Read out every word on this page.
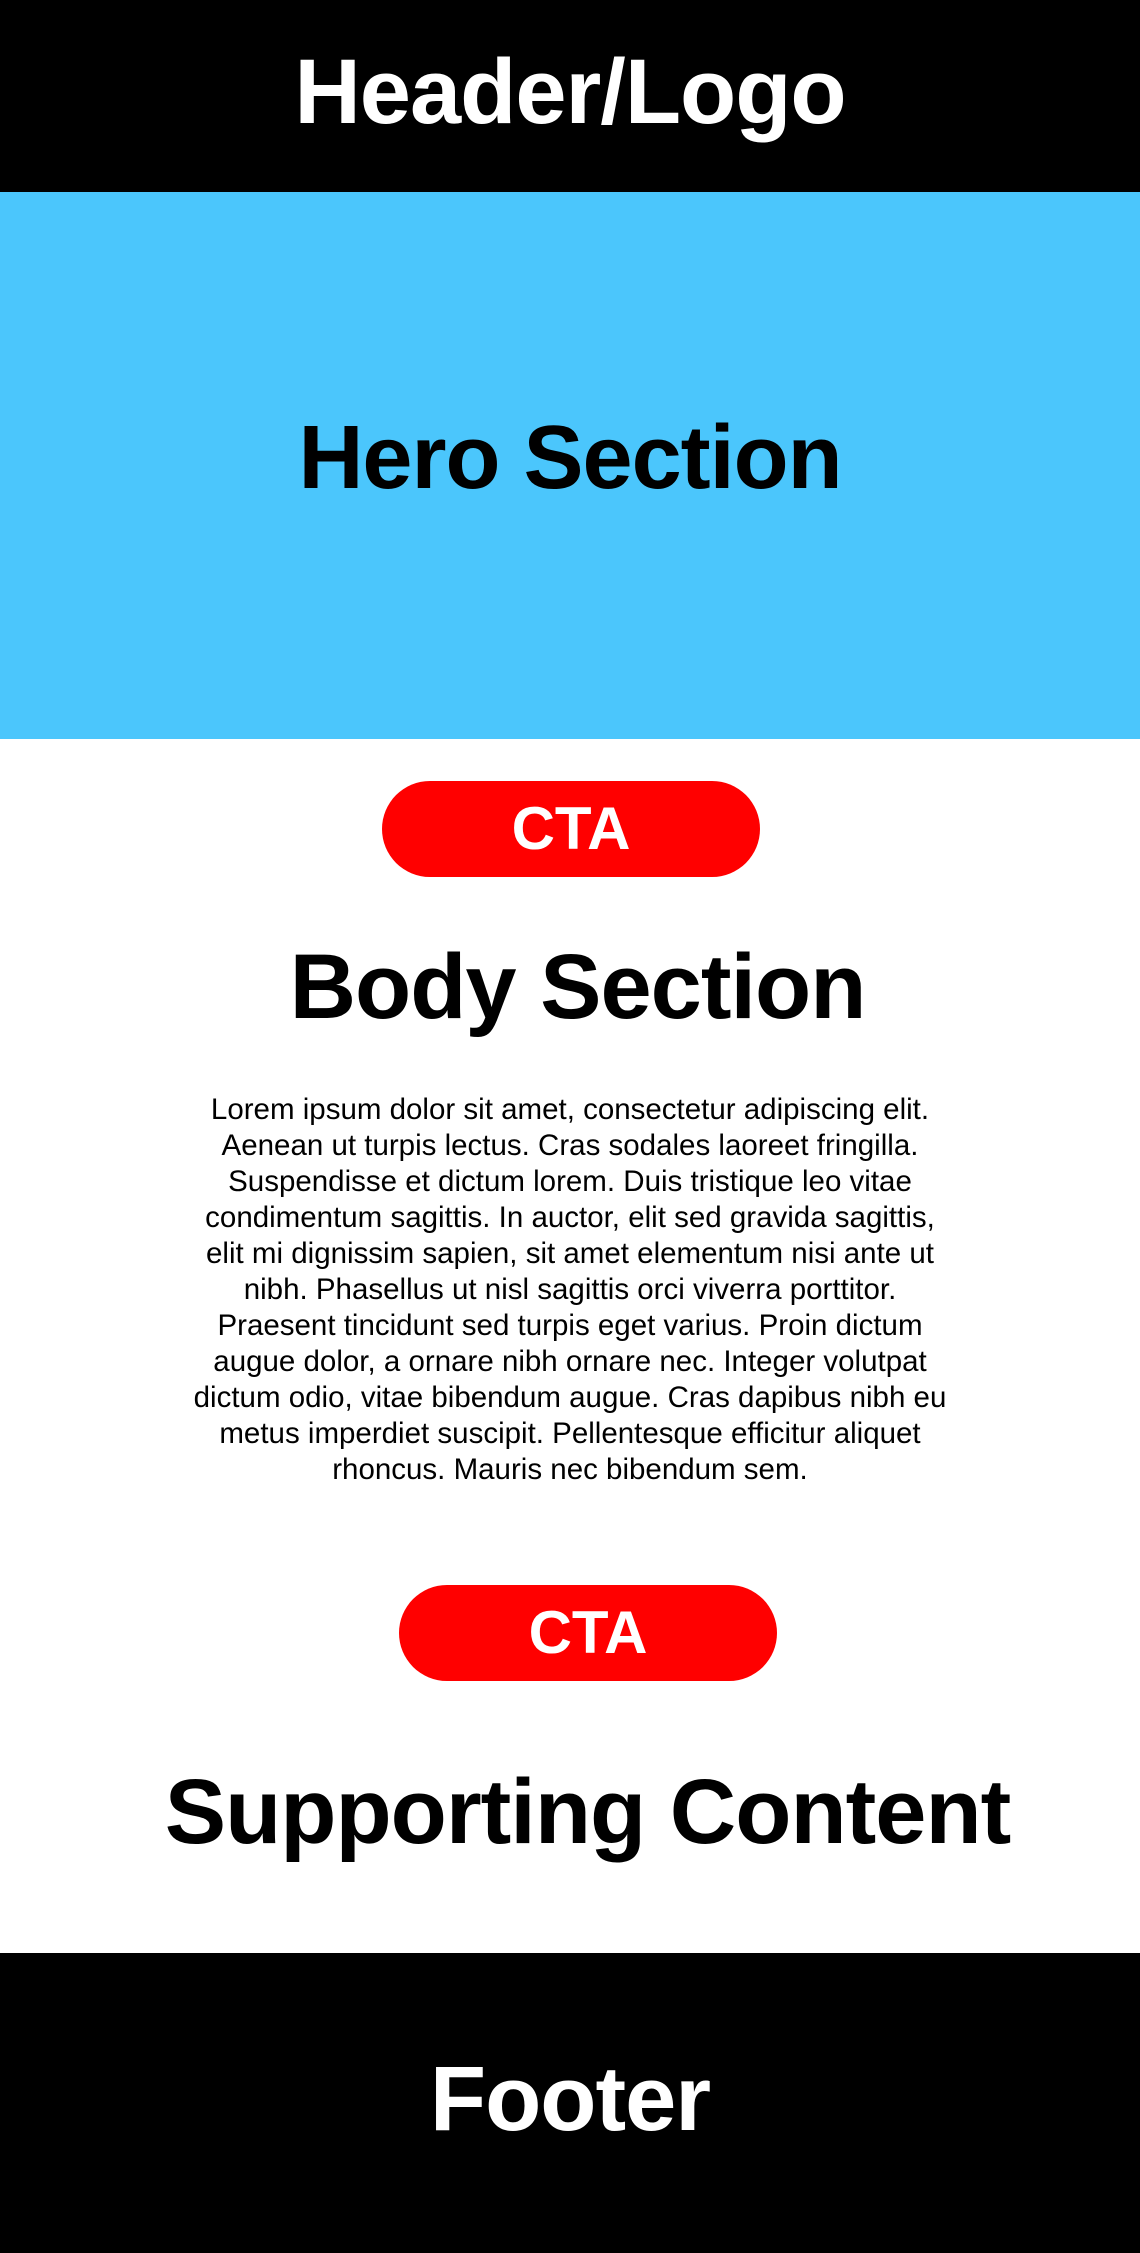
Header/Logo
Hero Section
CTA
Body Section

Lorem ipsum dolor sit amet, consectetur adipiscing elit. Aenean ut turpis lectus. Cras sodales laoreet fringilla. Suspendisse et dictum lorem. Duis tristique leo vitae condimentum sagittis. In auctor, elit sed gravida sagittis, elit mi dignissim sapien, sit amet elementum nisi ante ut nibh. Phasellus ut nisl sagittis orci viverra porttitor. Praesent tincidunt sed turpis eget varius. Proin dictum augue dolor, a ornare nibh ornare nec. Integer volutpat dictum odio, vitae bibendum augue. Cras dapibus nibh eu metus imperdiet suscipit. Pellentesque efficitur aliquet rhoncus. Mauris nec bibendum sem.

CTA
Supporting Content
Footer
